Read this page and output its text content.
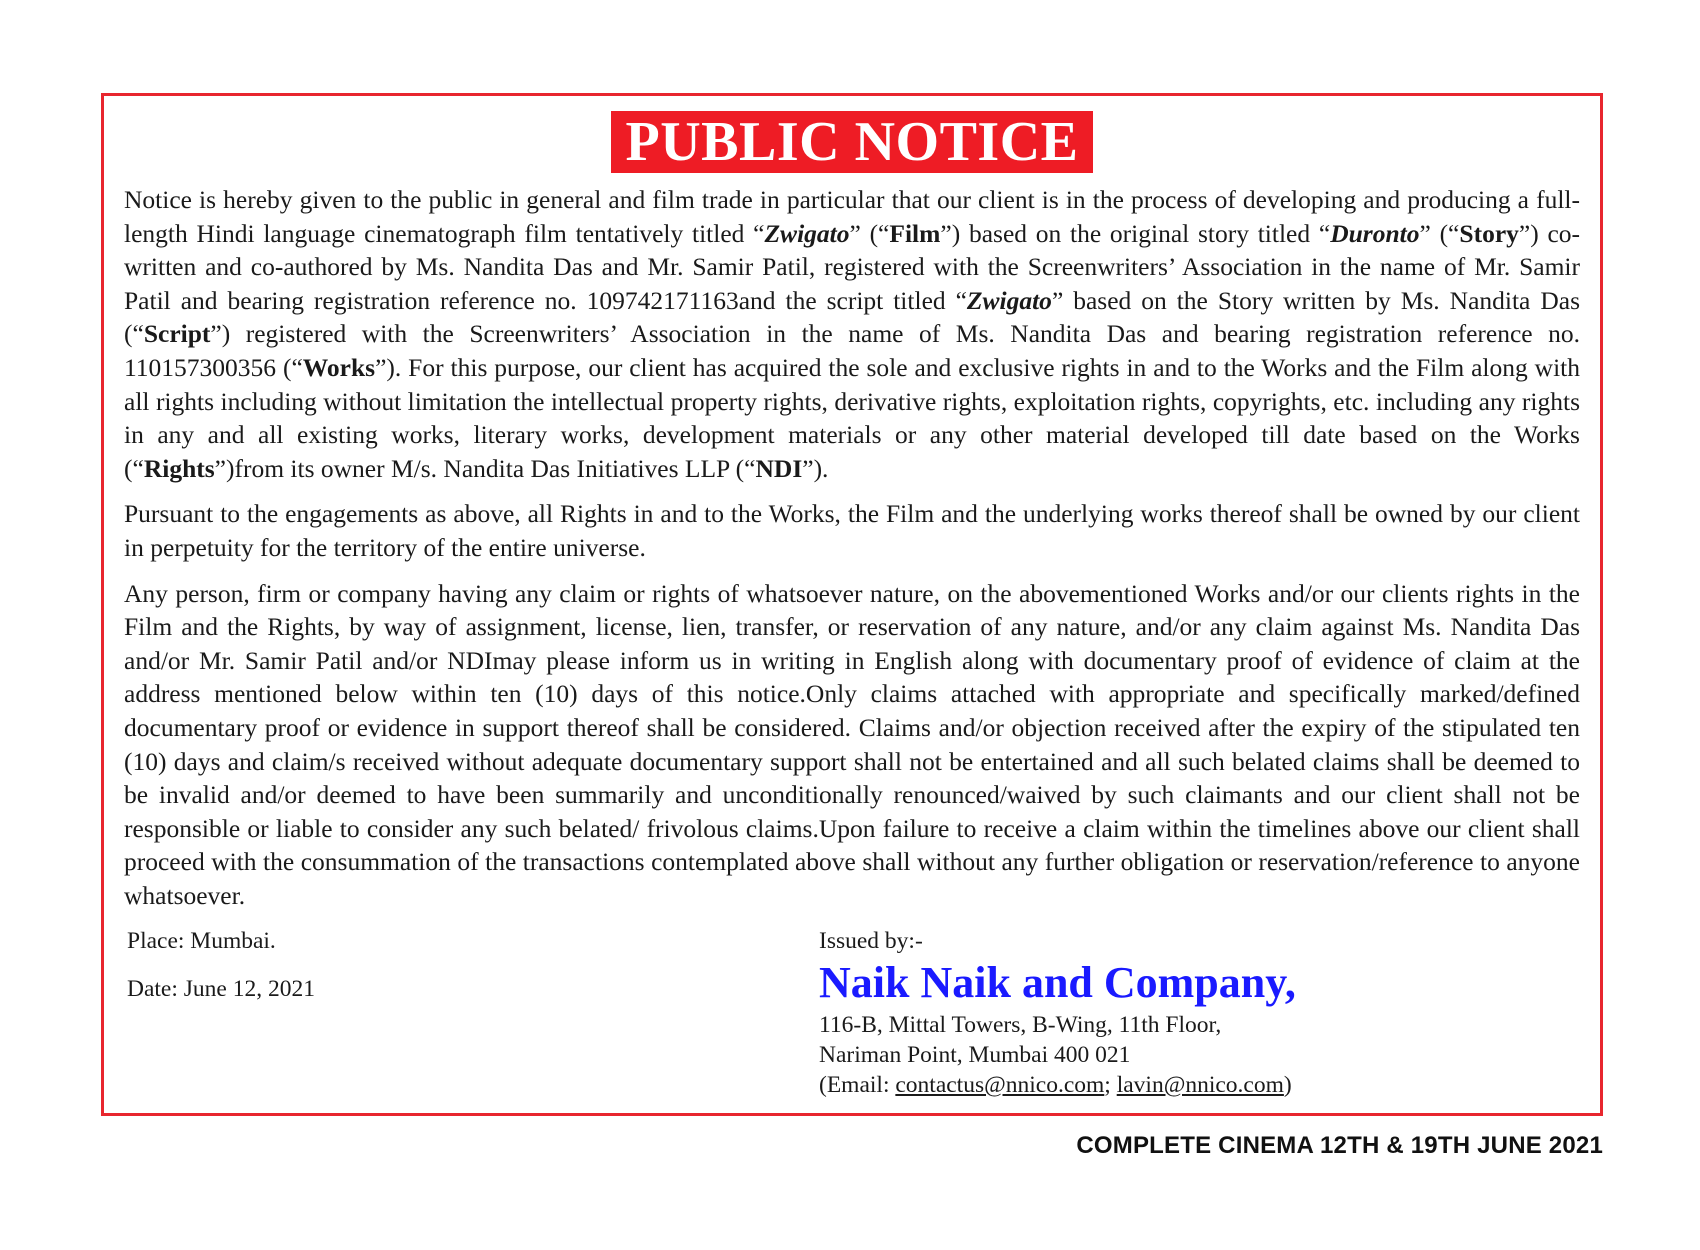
PUBLIC NOTICE

Notice is hereby given to the public in general and film trade in particular that our client is in the process of developing and producing a full-length Hindi language cinematograph film tentatively titled “Zwigato” (“Film”) based on the original story titled “Duronto” (“Story”) co-written and co-authored by Ms. Nandita Das and Mr. Samir Patil, registered with the Screenwriters’ Association in the name of Mr. Samir Patil and bearing registration reference no. 109742171163and the script titled “Zwigato” based on the Story written by Ms. Nandita Das (“Script”) registered with the Screenwriters’ Association in the name of Ms. Nandita Das and bearing registration reference no. 110157300356 (“Works”). For this purpose, our client has acquired the sole and exclusive rights in and to the Works and the Film along with all rights including without limitation the intellectual property rights, derivative rights, exploitation rights, copyrights, etc. including any rights in any and all existing works, literary works, development materials or any other material developed till date based on the Works (“Rights”)from its owner M/s. Nandita Das Initiatives LLP (“NDI”).

Pursuant to the engagements as above, all Rights in and to the Works, the Film and the underlying works thereof shall be owned by our client in perpetuity for the territory of the entire universe.

Any person, firm or company having any claim or rights of whatsoever nature, on the abovementioned Works and/or our clients rights in the Film and the Rights, by way of assignment, license, lien, transfer, or reservation of any nature, and/or any claim against Ms. Nandita Das and/or Mr. Samir Patil and/or NDImay please inform us in writing in English along with documentary proof of evidence of claim at the address mentioned below within ten (10) days of this notice.Only claims attached with appropriate and specifically marked/defined documentary proof or evidence in support thereof shall be considered. Claims and/or objection received after the expiry of the stipulated ten (10) days and claim/s received without adequate documentary support shall not be entertained and all such belated claims shall be deemed to be invalid and/or deemed to have been summarily and unconditionally renounced/waived by such claimants and our client shall not be responsible or liable to consider any such belated/ frivolous claims.Upon failure to receive a claim within the timelines above our client shall proceed with the consummation of the transactions contemplated above shall without any further obligation or reservation/reference to anyone whatsoever.

Place: Mumbai.
Date: June 12, 2021
Issued by:-
Naik Naik and Company,
116-B, Mittal Towers, B-Wing, 11th Floor,
Nariman Point, Mumbai 400 021
(Email: contactus@nnico.com; lavin@nnico.com)
COMPLETE CINEMA 12TH & 19TH JUNE 2021
